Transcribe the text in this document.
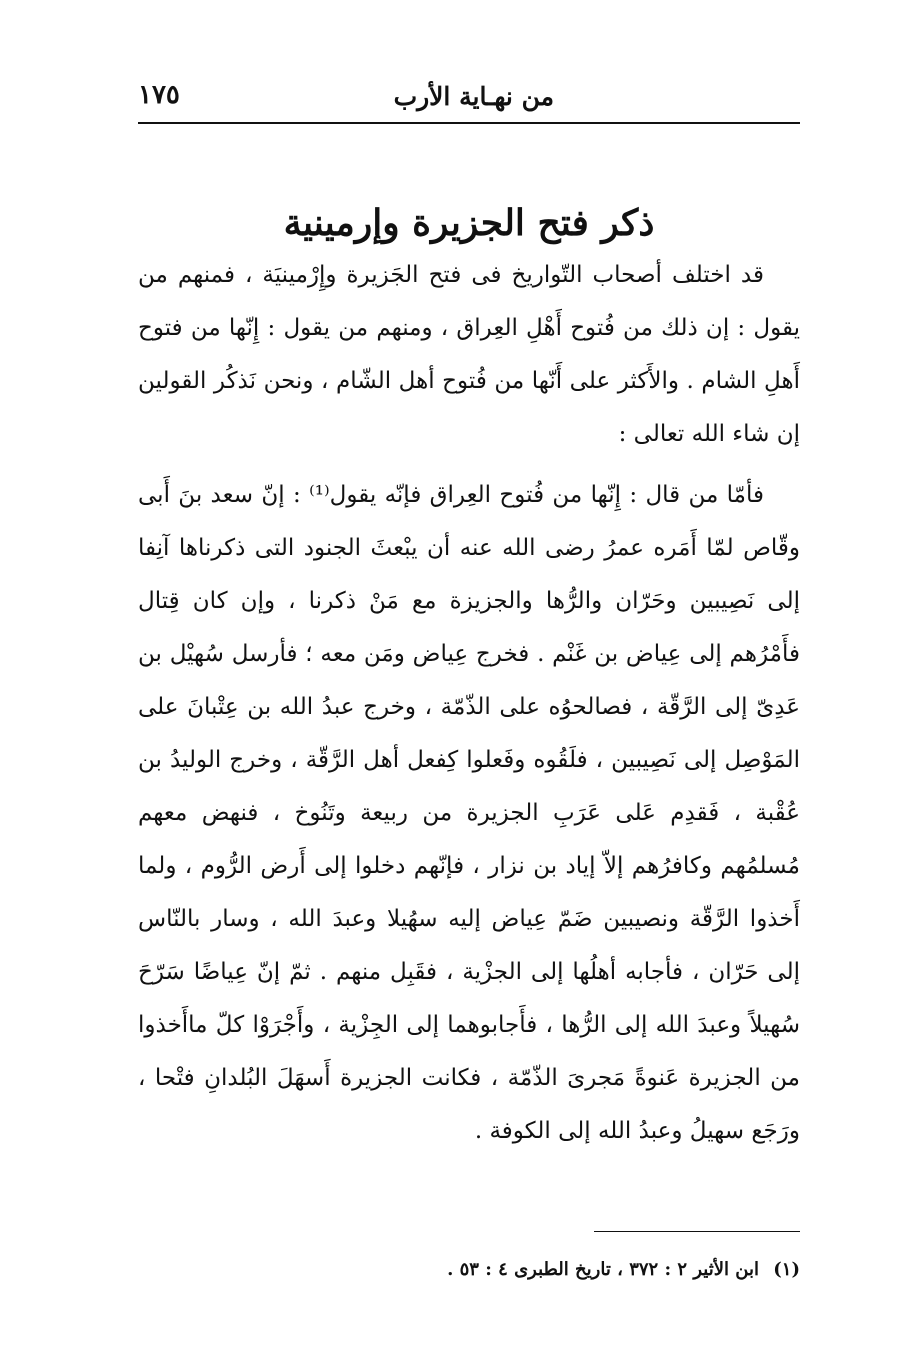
من نهـاية الأرب
١٧٥
ذكر فتح الجزيرة وإرمينية

قد اختلف أصحاب التّواريخ فى فتح الجَزيرة وإِرْمينيَة ، فمنهم من يقول : إن ذلك من فُتوح أَهْلِ العِراق ، ومنهم من يقول : إِنّها من فتوح أَهلِ الشام . والأَكثر على أَنّها من فُتوح أهل الشّام ، ونحن نَذكُر القولين إن شاء الله تعالى :

فأمّا من قال : إِنّها من فُتوح العِراق فإنّه يقول⁽¹⁾ : إنّ سعد بنَ أَبى وقّاص لمّا أَمَره عمرُ رضى الله عنه أن يبْعثَ الجنود التى ذكرناها آنِفا إلى نَصِيبين وحَرّان والرُّها والجزيزة مع مَنْ ذكرنا ، وإن كان قِتال فأَمْرُهم إلى عِياض بن غَنْم . فخرج عِياض ومَن معه ؛ فأرسل سُهيْل بن عَدِىّ إلى الرَّقّة ، فصالحوُه على الذّمّة ، وخرج عبدُ الله بن عِتْبانَ على المَوْصِل إلى نَصِيبين ، فلَقُوه وفَعلوا كِفعل أهل الرَّقّة ، وخرج الوليدُ بن عُقْبة ، فَقدِم عَلى عَرَبِ الجزيرة من ربيعة وتَنُوخ ، فنهض معهم مُسلمُهم وكافرُهم إلاّ إياد بن نزار ، فإنّهم دخلوا إلى أَرض الرُّوم ، ولما أَخذوا الرَّقّة ونصيبين ضَمّ عِياض إليه سهُيلا وعبدَ الله ، وسار بالنّاس إلى حَرّان ، فأجابه أهلُها إلى الجزْية ، فقَبِل منهم . ثمّ إنّ عِياضًا سَرّحَ سُهيلاً وعبدَ الله إلى الرُّها ، فأَجابوهما إلى الجِزْية ، وأَجْرَوْا كلّ ماأَخذوا من الجزيرة عَنوةً مَجرىَ الذّمّة ، فكانت الجزيرة أَسهَلَ البُلدانِ فتْحا ، ورَجَع سهيلُ وعبدُ الله إلى الكوفة .

(١) ابن الأثير ٢ : ٣٧٢ ، تاريخ الطبرى ٤ : ٥٣ .
